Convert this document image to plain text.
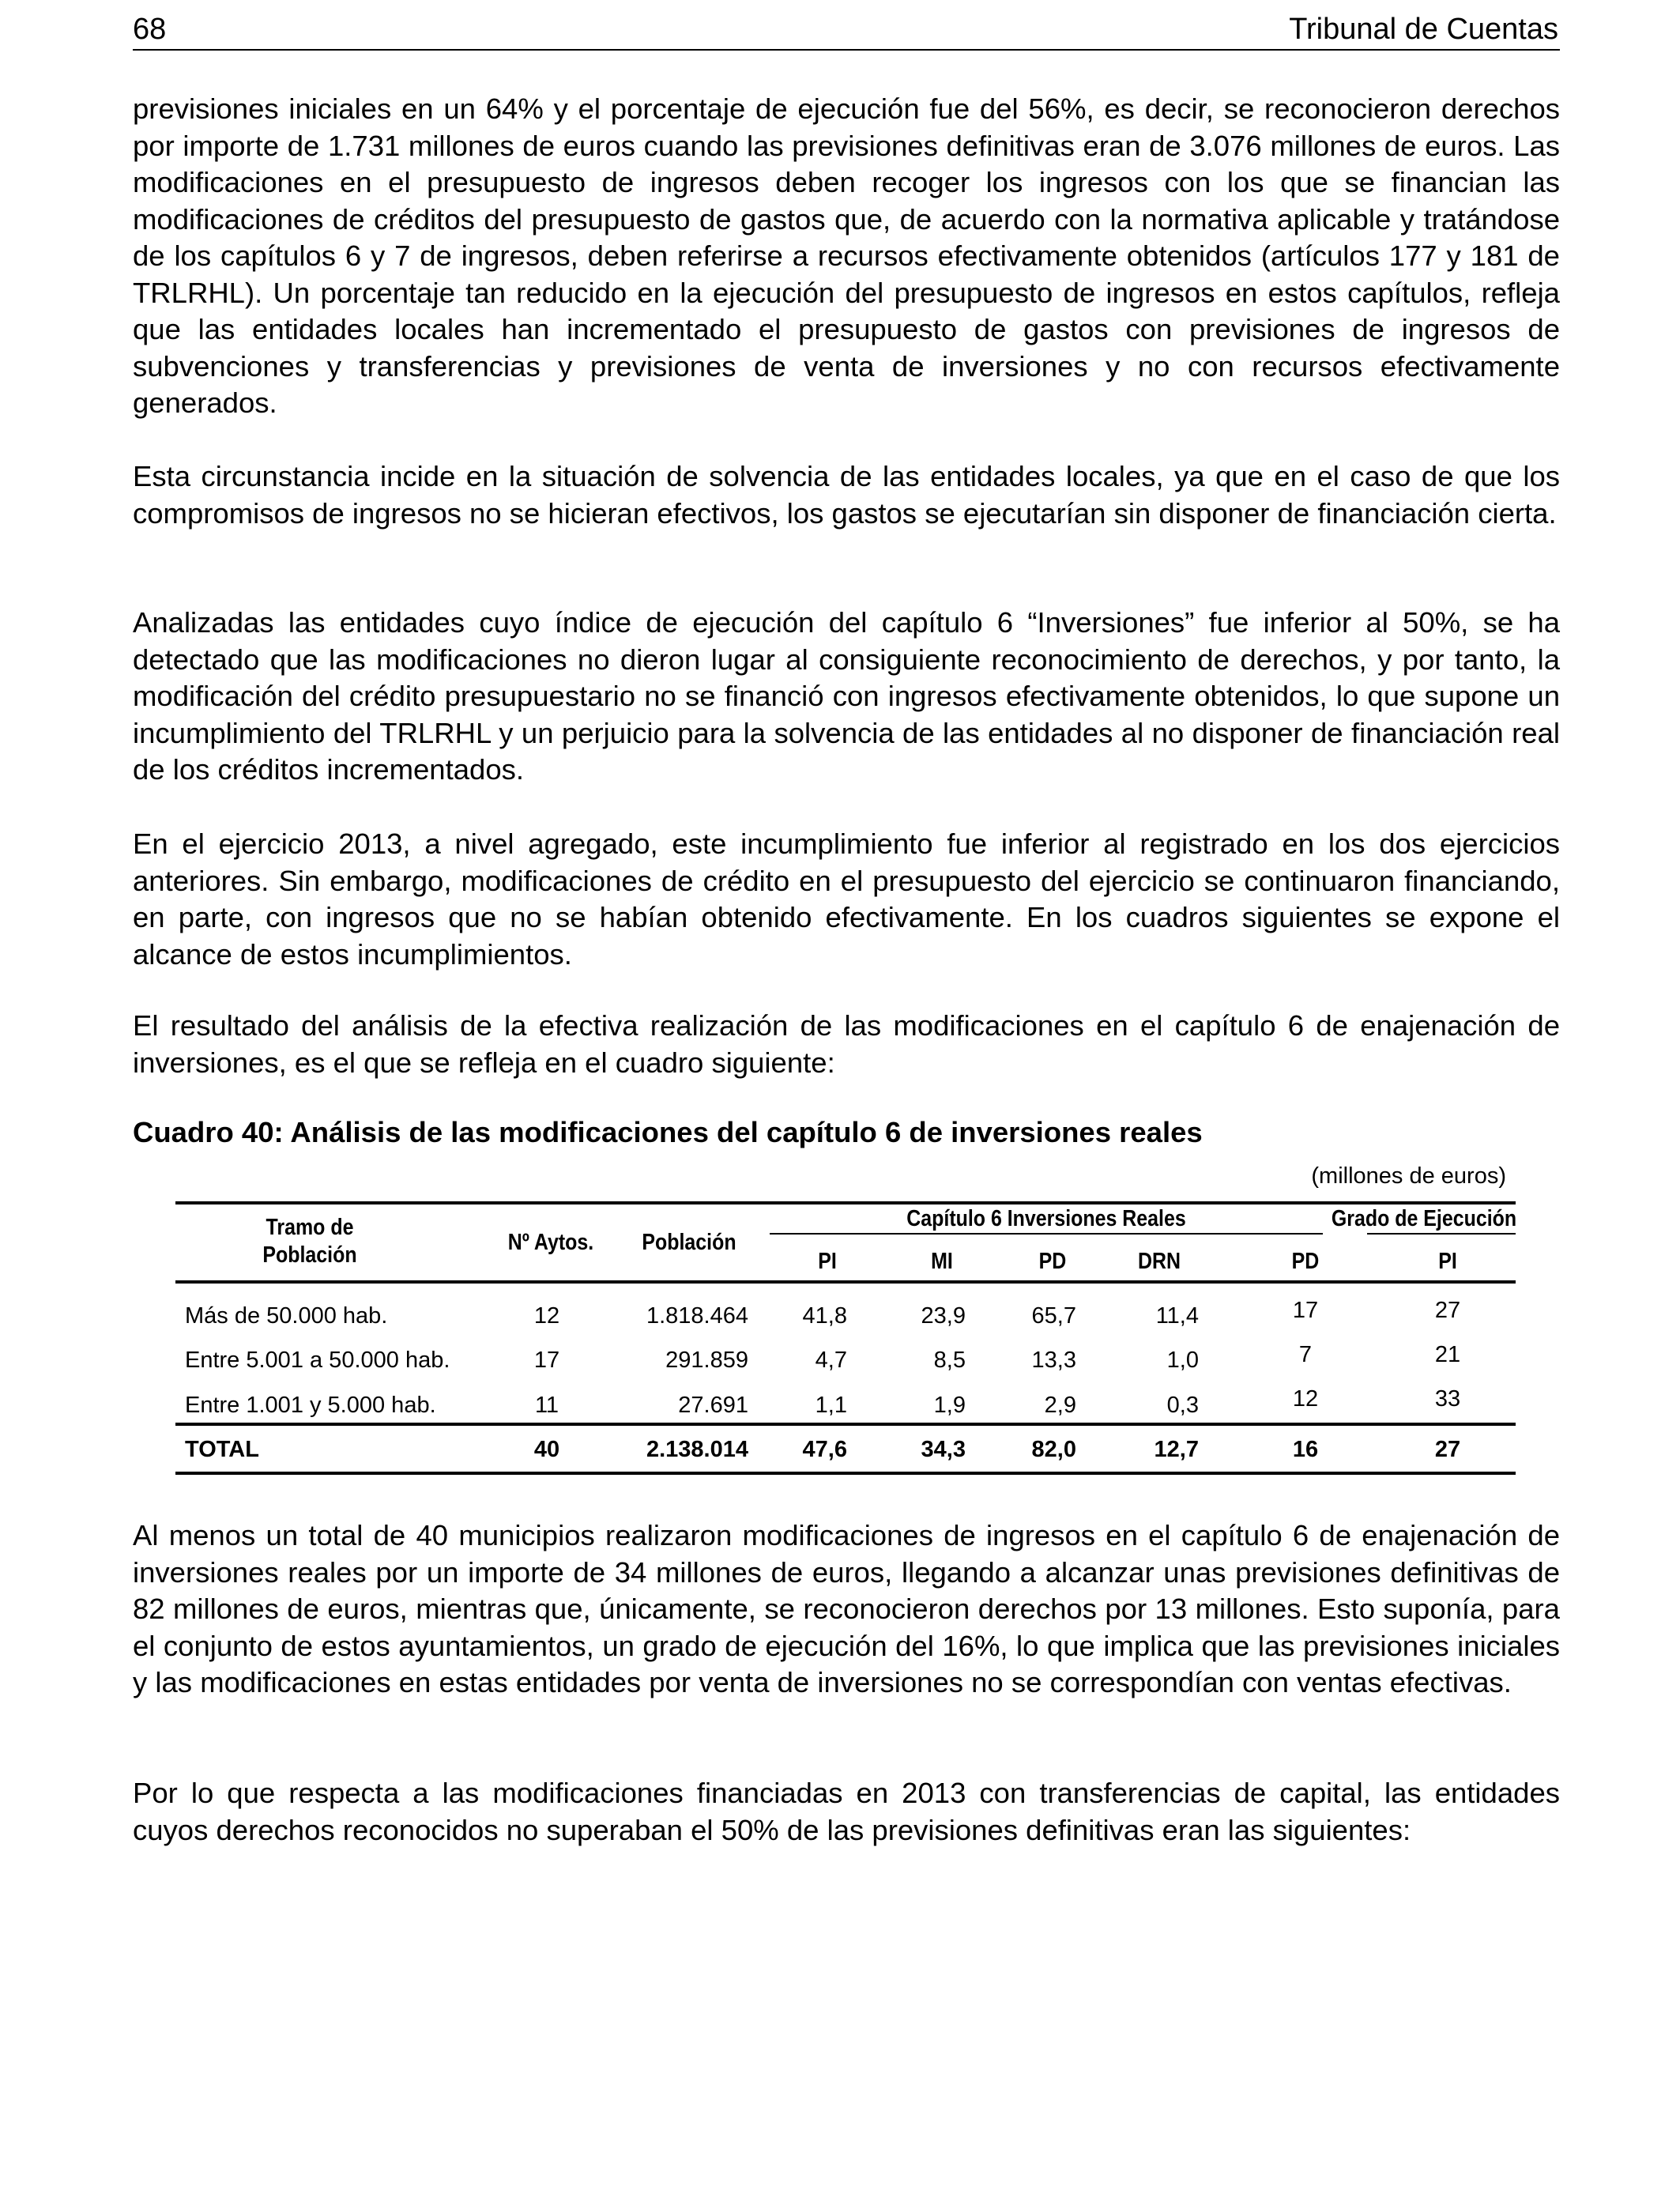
68	Tribunal de Cuentas

previsiones iniciales en un 64% y el porcentaje de ejecución fue del 56%, es decir, se reconocieron derechos por importe de 1.731 millones de euros cuando las previsiones definitivas eran de 3.076 millones de euros. Las modificaciones en el presupuesto de ingresos deben recoger los ingresos con los que se financian las modificaciones de créditos del presupuesto de gastos que, de acuerdo con la normativa aplicable y tratándose de los capítulos 6 y 7 de ingresos, deben referirse a recursos efectivamente obtenidos (artículos 177 y 181 de TRLRHL). Un porcentaje tan reducido en la ejecución del presupuesto de ingresos en estos capítulos, refleja que las entidades locales han incrementado el presupuesto de gastos con previsiones de ingresos de subvenciones y transferencias y previsiones de venta de inversiones y no con recursos efectivamente generados.

Esta circunstancia incide en la situación de solvencia de las entidades locales, ya que en el caso de que los compromisos de ingresos no se hicieran efectivos, los gastos se ejecutarían sin disponer de financiación cierta.

Analizadas las entidades cuyo índice de ejecución del capítulo 6 “Inversiones” fue inferior al 50%, se ha detectado que las modificaciones no dieron lugar al consiguiente reconocimiento de derechos, y por tanto, la modificación del crédito presupuestario no se financió con ingresos efectivamente obtenidos, lo que supone un incumplimiento del TRLRHL y un perjuicio para la solvencia de las entidades al no disponer de financiación real de los créditos incrementados.

En el ejercicio 2013, a nivel agregado, este incumplimiento fue inferior al registrado en los dos ejercicios anteriores. Sin embargo, modificaciones de crédito en el presupuesto del ejercicio se continuaron financiando, en parte, con ingresos que no se habían obtenido efectivamente. En los cuadros siguientes se expone el alcance de estos incumplimientos.

El resultado del análisis de la efectiva realización de las modificaciones en el capítulo 6 de enajenación de inversiones, es el que se refleja en el cuadro siguiente:

Cuadro 40: Análisis de las modificaciones del capítulo 6 de inversiones reales

(millones de euros)
Tramo de
Población	Nº Aytos.	Población
Capítulo 6 Inversiones Reales	Grado de Ejecución
PI	MI	PD	DRN	PD	PI
Más de 50.000 hab.	12	1.818.464	41,8	23,9	65,7	11,4	17	27
Entre 5.001 a 50.000 hab.	17	291.859	4,7	8,5	13,3	1,0	7	21
Entre 1.001 y 5.000 hab.	11	27.691	1,1	1,9	2,9	0,3	12	33
TOTAL	40	2.138.014	47,6	34,3	82,0	12,7	16	27

Al menos un total de 40 municipios realizaron modificaciones de ingresos en el capítulo 6 de enajenación de inversiones reales por un importe de 34 millones de euros, llegando a alcanzar unas previsiones definitivas de 82 millones de euros, mientras que, únicamente, se reconocieron derechos por 13 millones. Esto suponía, para el conjunto de estos ayuntamientos, un grado de ejecución del 16%, lo que implica que las previsiones iniciales y las modificaciones en estas entidades por venta de inversiones no se correspondían con ventas efectivas.

Por lo que respecta a las modificaciones financiadas en 2013 con transferencias de capital, las entidades cuyos derechos reconocidos no superaban el 50% de las previsiones definitivas eran las siguientes:
